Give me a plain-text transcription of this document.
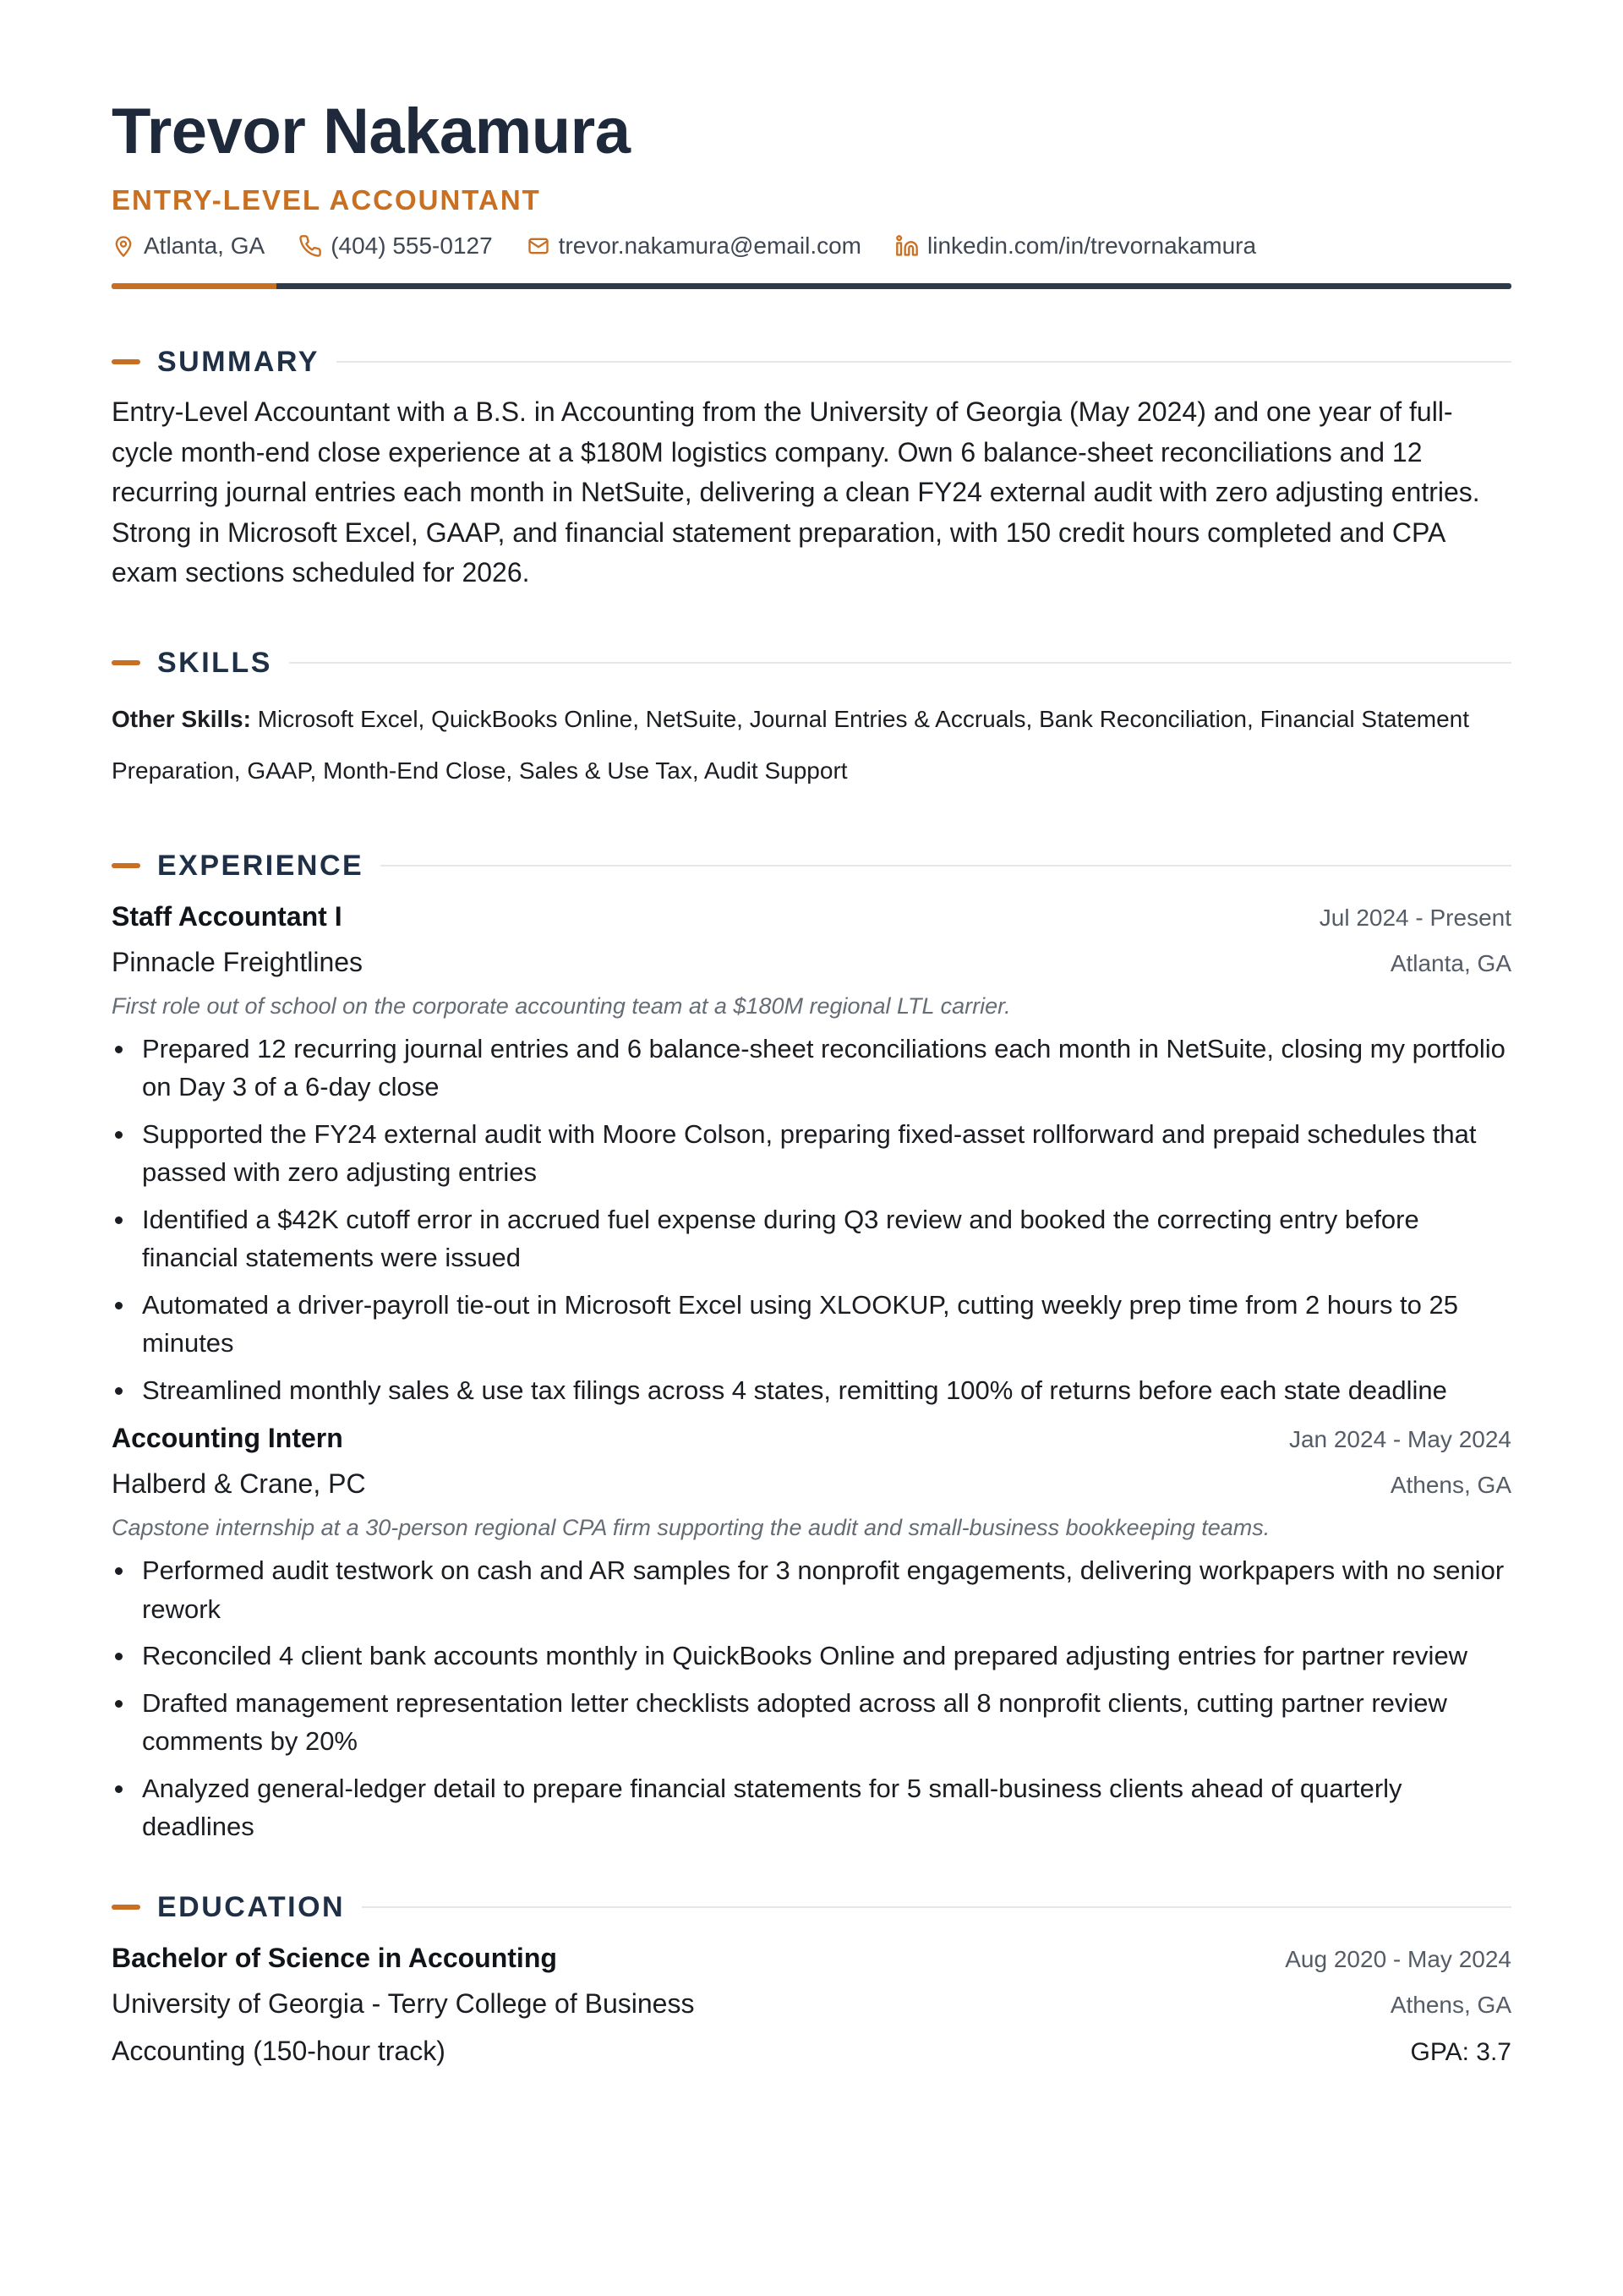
Trevor Nakamura
ENTRY-LEVEL ACCOUNTANT
Atlanta, GA	(404) 555-0127	trevor.nakamura@email.com	linkedin.com/in/trevornakamura
SUMMARY

Entry-Level Accountant with a B.S. in Accounting from the University of Georgia (May 2024) and one year of full-cycle month-end close experience at a $180M logistics company. Own 6 balance-sheet reconciliations and 12 recurring journal entries each month in NetSuite, delivering a clean FY24 external audit with zero adjusting entries. Strong in Microsoft Excel, GAAP, and financial statement preparation, with 150 credit hours completed and CPA exam sections scheduled for 2026.

SKILLS

Other Skills: Microsoft Excel, QuickBooks Online, NetSuite, Journal Entries & Accruals, Bank Reconciliation, Financial Statement Preparation, GAAP, Month-End Close, Sales & Use Tax, Audit Support

EXPERIENCE
Staff Accountant I	Jul 2024 - Present
Pinnacle Freightlines	Atlanta, GA
First role out of school on the corporate accounting team at a $180M regional LTL carrier.
Prepared 12 recurring journal entries and 6 balance-sheet reconciliations each month in NetSuite, closing my portfolio on Day 3 of a 6-day close
Supported the FY24 external audit with Moore Colson, preparing fixed-asset rollforward and prepaid schedules that passed with zero adjusting entries
Identified a $42K cutoff error in accrued fuel expense during Q3 review and booked the correcting entry before financial statements were issued
Automated a driver-payroll tie-out in Microsoft Excel using XLOOKUP, cutting weekly prep time from 2 hours to 25 minutes
Streamlined monthly sales & use tax filings across 4 states, remitting 100% of returns before each state deadline
Accounting Intern	Jan 2024 - May 2024
Halberd & Crane, PC	Athens, GA
Capstone internship at a 30-person regional CPA firm supporting the audit and small-business bookkeeping teams.
Performed audit testwork on cash and AR samples for 3 nonprofit engagements, delivering workpapers with no senior rework
Reconciled 4 client bank accounts monthly in QuickBooks Online and prepared adjusting entries for partner review
Drafted management representation letter checklists adopted across all 8 nonprofit clients, cutting partner review comments by 20%
Analyzed general-ledger detail to prepare financial statements for 5 small-business clients ahead of quarterly deadlines
EDUCATION
Bachelor of Science in Accounting	Aug 2020 - May 2024
University of Georgia - Terry College of Business	Athens, GA
Accounting (150-hour track)	GPA: 3.7
